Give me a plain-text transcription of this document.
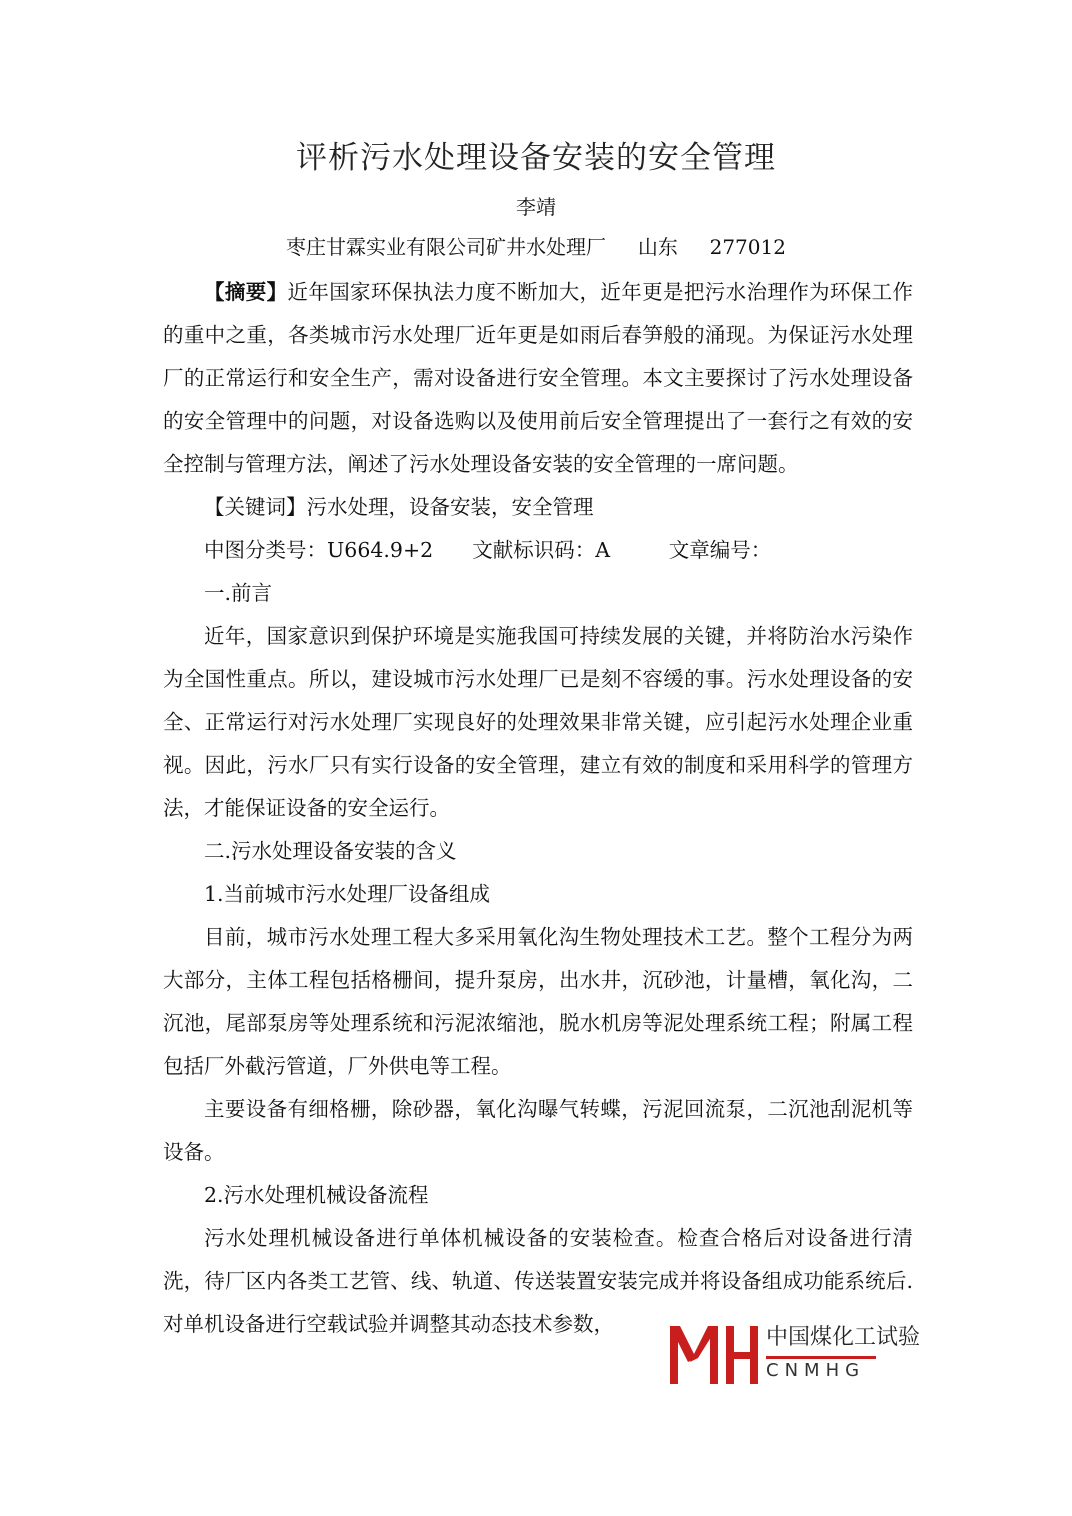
评析污水处理设备安装的安全管理
李靖
枣庄甘霖实业有限公司矿井水处理厂     山东     277012

【摘要】近年国家环保执法力度不断加大，近年更是把污水治理作为环保工作的重中之重，各类城市污水处理厂近年更是如雨后春笋般的涌现。为保证污水处理厂的正常运行和安全生产，需对设备进行安全管理。本文主要探讨了污水处理设备的安全管理中的问题，对设备选购以及使用前后安全管理提出了一套行之有效的安全控制与管理方法，阐述了污水处理设备安装的安全管理的一席问题。

【关键词】污水处理，设备安装，安全管理

中图分类号：U664.9+2      文献标识码：A         文章编号：

一.前言

近年，国家意识到保护环境是实施我国可持续发展的关键，并将防治水污染作为全国性重点。所以，建设城市污水处理厂已是刻不容缓的事。污水处理设备的安全、正常运行对污水处理厂实现良好的处理效果非常关键，应引起污水处理企业重视。因此，污水厂只有实行设备的安全管理，建立有效的制度和采用科学的管理方法，才能保证设备的安全运行。

二.污水处理设备安装的含义

1.当前城市污水处理厂设备组成

目前，城市污水处理工程大多采用氧化沟生物处理技术工艺。整个工程分为两大部分，主体工程包括格栅间，提升泵房，出水井，沉砂池，计量槽，氧化沟，二沉池，尾部泵房等处理系统和污泥浓缩池，脱水机房等泥处理系统工程；附属工程包括厂外截污管道，厂外供电等工程。

主要设备有细格栅，除砂器，氧化沟曝气转蝶，污泥回流泵，二沉池刮泥机等设备。

2.污水处理机械设备流程

污水处理机械设备进行单体机械设备的安装检查。检查合格后对设备进行清洗，待厂区内各类工艺管、线、轨道、传送装置安装完成并将设备组成功能系统后.对单机设备进行空载试验并调整其动态技术参数，

中国煤化工试验
CNMHG
